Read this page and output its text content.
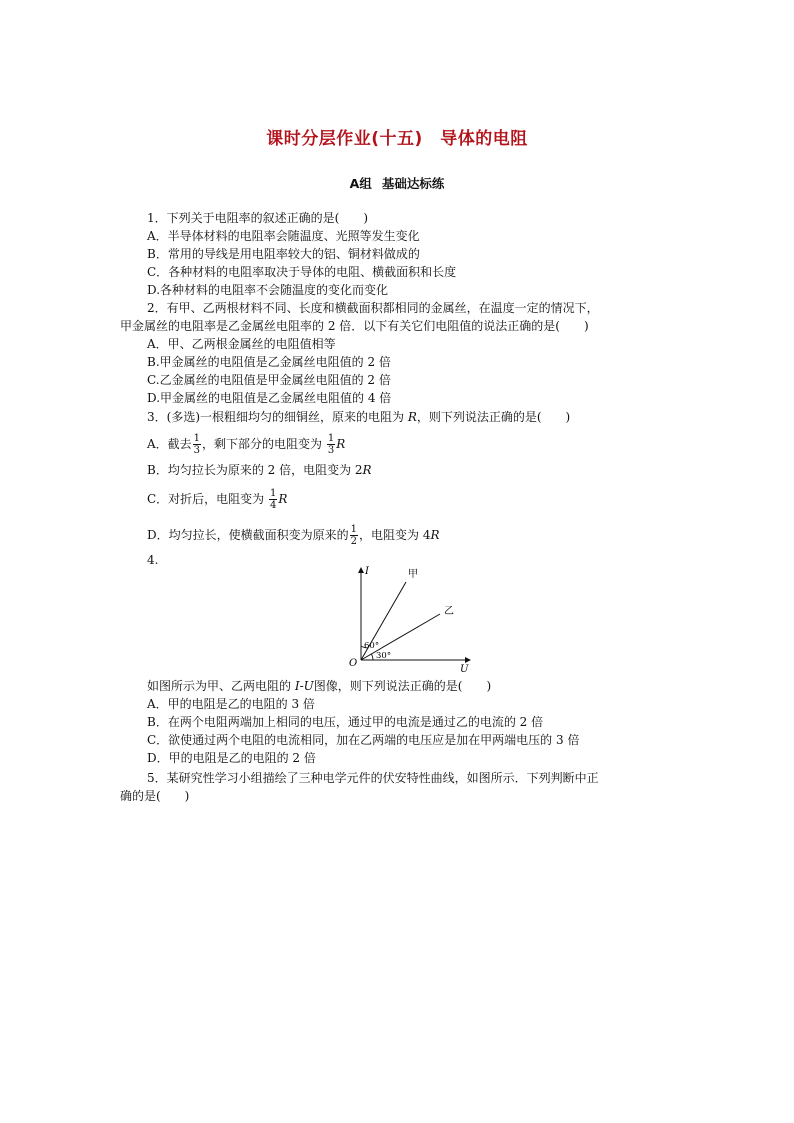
课时分层作业(十五)　导体的电阻
A组 基础达标练
1．下列关于电阻率的叙述正确的是(　　)
A．半导体材料的电阻率会随温度、光照等发生变化
B．常用的导线是用电阻率较大的铝、铜材料做成的
C．各种材料的电阻率取决于导体的电阻、横截面积和长度
D.各种材料的电阻率不会随温度的变化而变化
2．有甲、乙两根材料不同、长度和横截面积都相同的金属丝，在温度一定的情况下，
甲金属丝的电阻率是乙金属丝电阻率的 2 倍．以下有关它们电阻值的说法正确的是(　　)
A．甲、乙两根金属丝的电阻值相等
B.甲金属丝的电阻值是乙金属丝电阻值的 2 倍
C.乙金属丝的电阻值是甲金属丝电阻值的 2 倍
D.甲金属丝的电阻值是乙金属丝电阻值的 4 倍
3．(多选)一根粗细均匀的细铜丝，原来的电阻为 R，则下列说法正确的是(　　)
A．截去 $\frac{1}{3}$ ，剩下部分的电阻变为 $\frac{1}{3}$ R
B．均匀拉长为原来的 2 倍，电阻变为 2R
C．对折后，电阻变为 $\frac{1}{4}$ R
D．均匀拉长，使横截面积变为原来的 $\frac{1}{2}$ ，电阻变为 4R
4.
I
U
O
甲
乙
60°
30°
如图所示为甲、乙两电阻的 I-U图像，则下列说法正确的是(　　)
A．甲的电阻是乙的电阻的 3 倍
B．在两个电阻两端加上相同的电压，通过甲的电流是通过乙的电流的 2 倍
C．欲使通过两个电阻的电流相同，加在乙两端的电压应是加在甲两端电压的 3 倍
D．甲的电阻是乙的电阻的 2 倍
5．某研究性学习小组描绘了三种电学元件的伏安特性曲线，如图所示．下列判断中正
确的是(　　)
